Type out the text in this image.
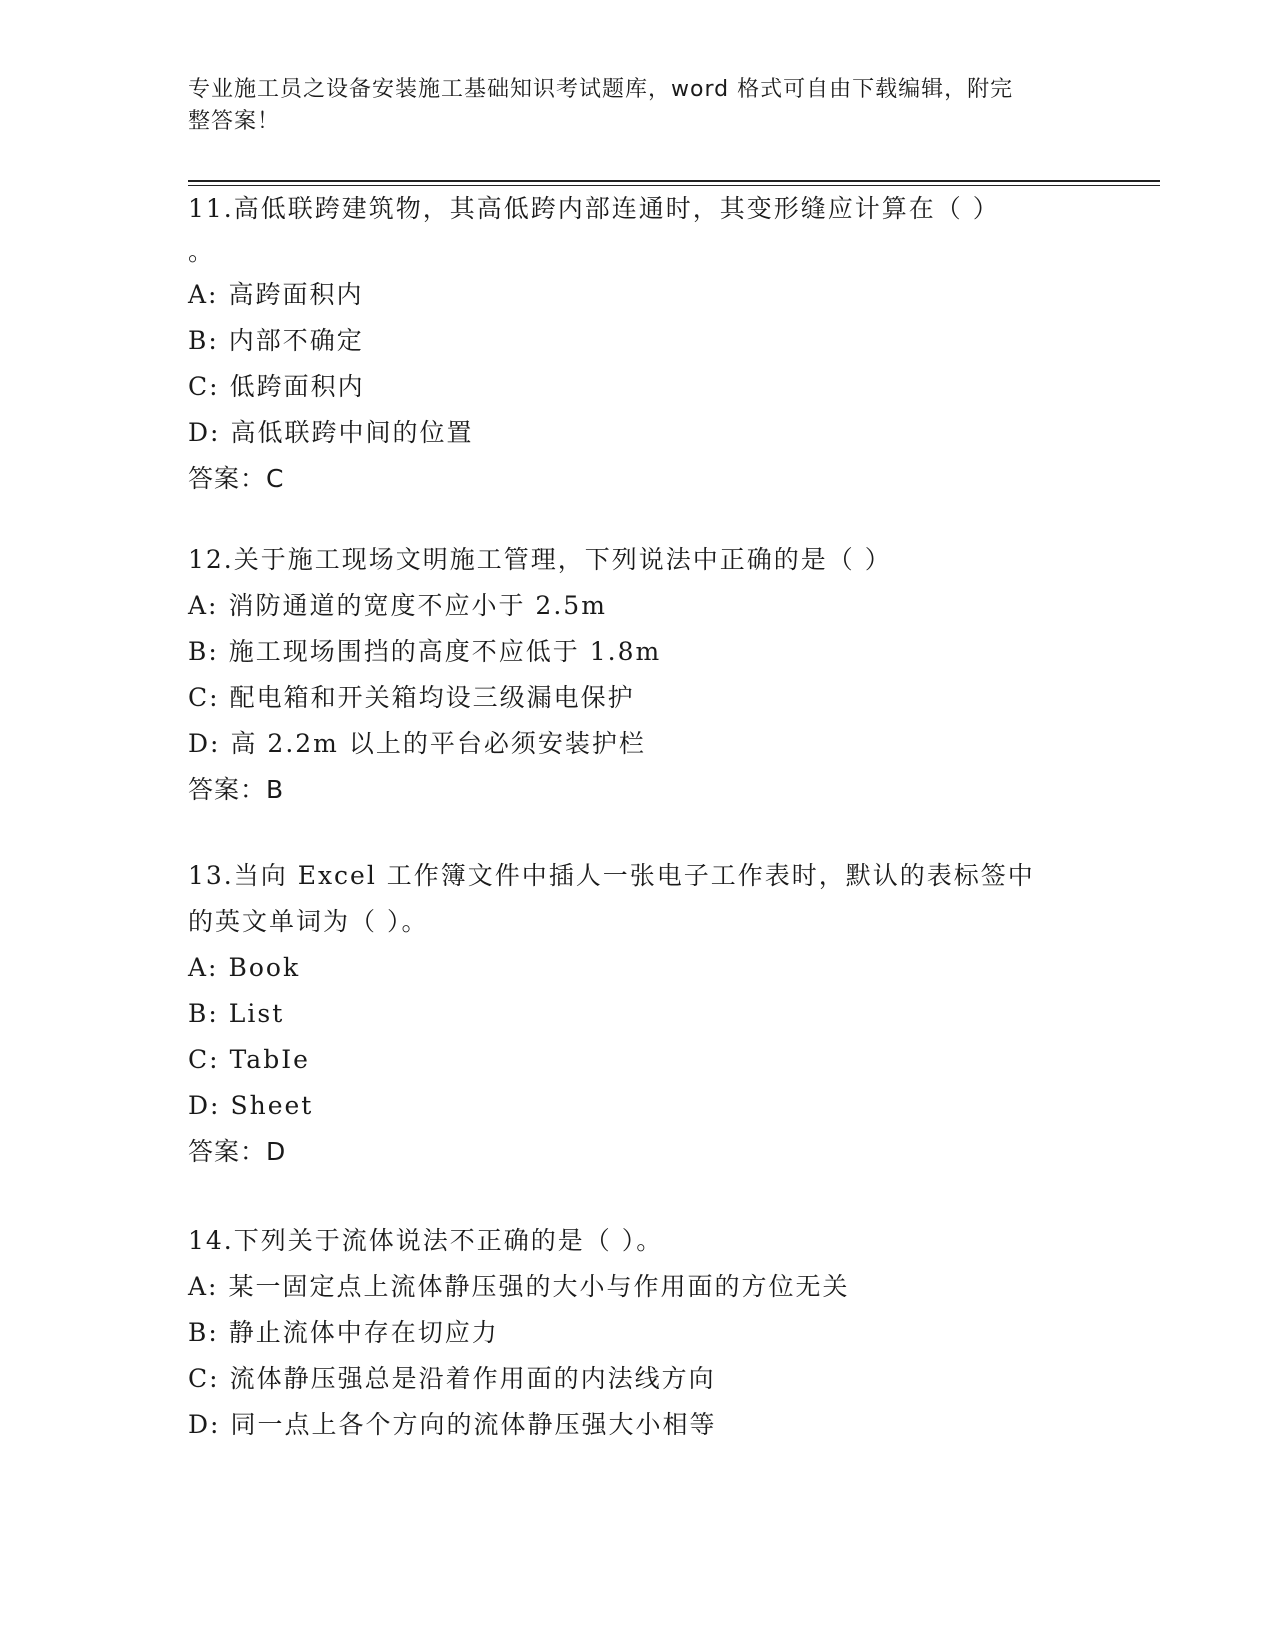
专业施工员之设备安装施工基础知识考试题库，word 格式可自由下载编辑，附完
整答案！
11.高低联跨建筑物，其高低跨内部连通时，其变形缝应计算在（ ）
。
A: 高跨面积内
B: 内部不确定
C: 低跨面积内
D: 高低联跨中间的位置
答案：C
12.关于施工现场文明施工管理，下列说法中正确的是（ ）
A: 消防通道的宽度不应小于 2.5m
B: 施工现场围挡的高度不应低于 1.8m
C: 配电箱和开关箱均设三级漏电保护
D: 高 2.2m 以上的平台必须安装护栏
答案：B
13.当向 Excel 工作簿文件中插人一张电子工作表时，默认的表标签中
的英文单词为（ ）。
A: Book
B: List
C: TabIe
D: Sheet
答案：D
14.下列关于流体说法不正确的是（ ）。
A: 某一固定点上流体静压强的大小与作用面的方位无关
B: 静止流体中存在切应力
C: 流体静压强总是沿着作用面的内法线方向
D: 同一点上各个方向的流体静压强大小相等
